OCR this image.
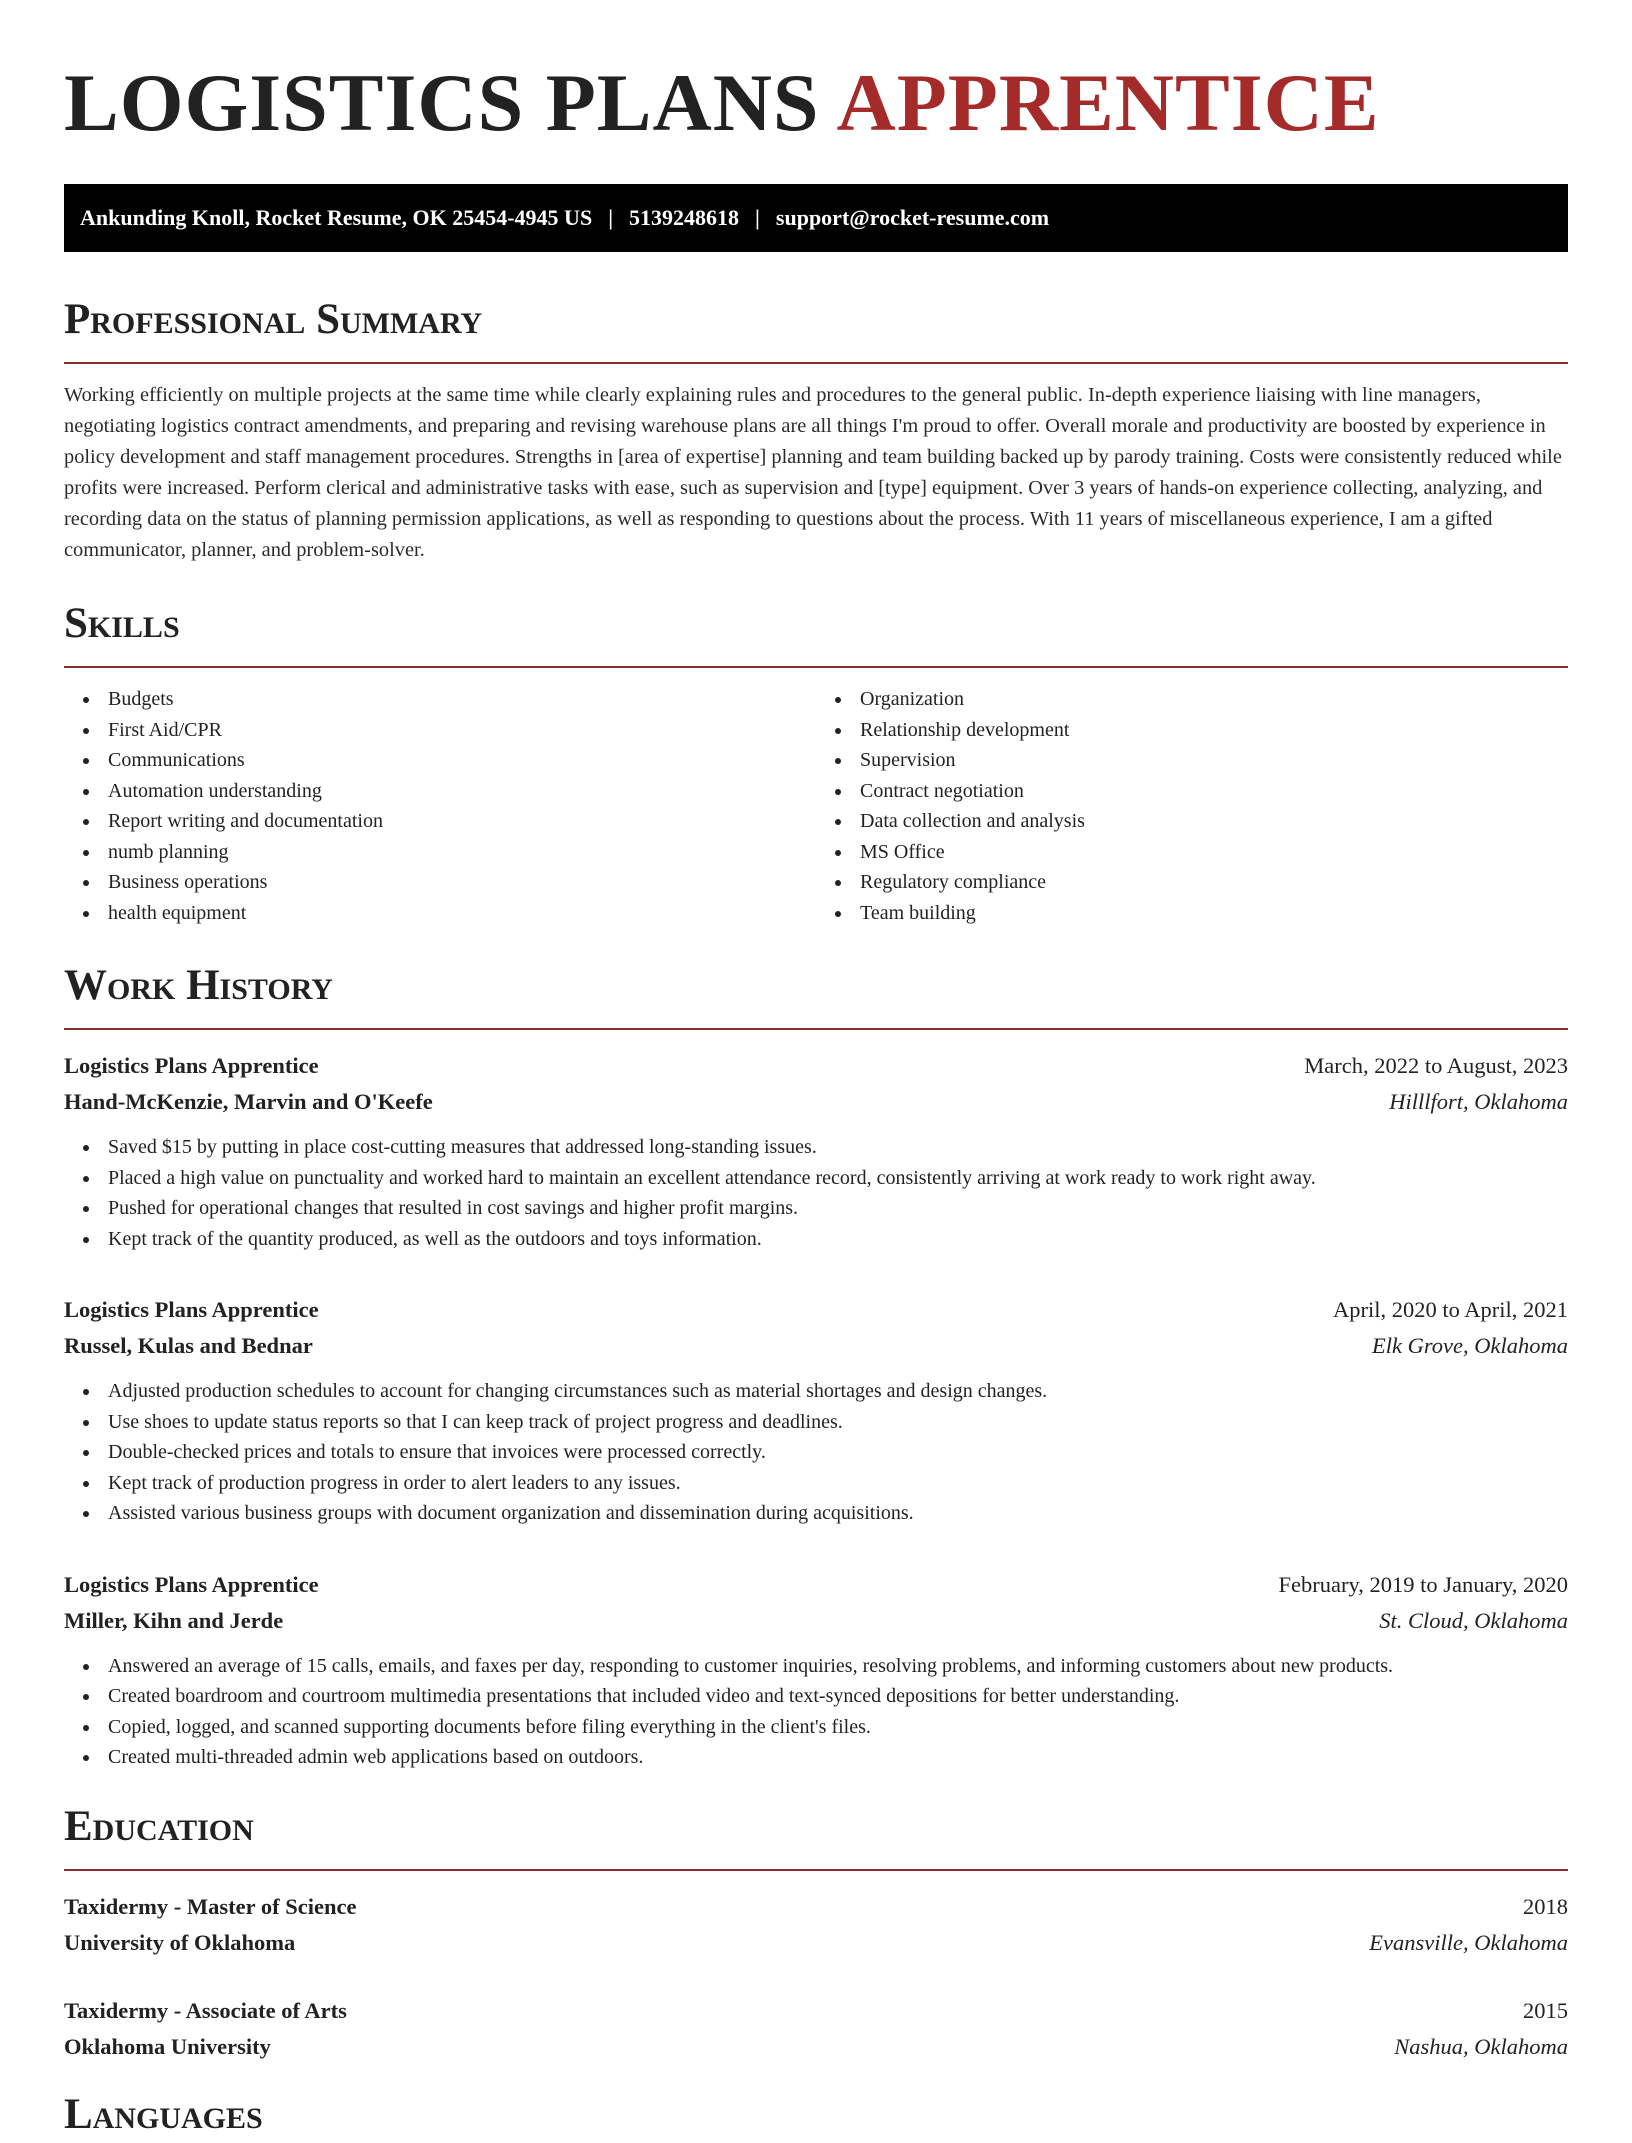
LOGISTICS PLANS APPRENTICE
Ankunding Knoll, Rocket Resume, OK 25454-4945 US | 5139248618 | support@rocket-resume.com
Professional Summary

Working efficiently on multiple projects at the same time while clearly explaining rules and procedures to the general public. In-depth experience liaising with line managers, negotiating logistics contract amendments, and preparing and revising warehouse plans are all things I'm proud to offer. Overall morale and productivity are boosted by experience in policy development and staff management procedures. Strengths in [area of expertise] planning and team building backed up by parody training. Costs were consistently reduced while profits were increased. Perform clerical and administrative tasks with ease, such as supervision and [type] equipment. Over 3 years of hands-on experience collecting, analyzing, and recording data on the status of planning permission applications, as well as responding to questions about the process. With 11 years of miscellaneous experience, I am a gifted communicator, planner, and problem-solver.

Skills
Budgets
First Aid/CPR
Communications
Automation understanding
Report writing and documentation
numb planning
Business operations
health equipment
Organization
Relationship development
Supervision
Contract negotiation
Data collection and analysis
MS Office
Regulatory compliance
Team building
Work History
Logistics Plans Apprentice	March, 2022 to August, 2023
Hand-McKenzie, Marvin and O'Keefe	Hilllfort, Oklahoma
Saved $15 by putting in place cost-cutting measures that addressed long-standing issues.
Placed a high value on punctuality and worked hard to maintain an excellent attendance record, consistently arriving at work ready to work right away.
Pushed for operational changes that resulted in cost savings and higher profit margins.
Kept track of the quantity produced, as well as the outdoors and toys information.
Logistics Plans Apprentice	April, 2020 to April, 2021
Russel, Kulas and Bednar	Elk Grove, Oklahoma
Adjusted production schedules to account for changing circumstances such as material shortages and design changes.
Use shoes to update status reports so that I can keep track of project progress and deadlines.
Double-checked prices and totals to ensure that invoices were processed correctly.
Kept track of production progress in order to alert leaders to any issues.
Assisted various business groups with document organization and dissemination during acquisitions.
Logistics Plans Apprentice	February, 2019 to January, 2020
Miller, Kihn and Jerde	St. Cloud, Oklahoma
Answered an average of 15 calls, emails, and faxes per day, responding to customer inquiries, resolving problems, and informing customers about new products.
Created boardroom and courtroom multimedia presentations that included video and text-synced depositions for better understanding.
Copied, logged, and scanned supporting documents before filing everything in the client's files.
Created multi-threaded admin web applications based on outdoors.
Education
Taxidermy - Master of Science	2018
University of Oklahoma	Evansville, Oklahoma
Taxidermy - Associate of Arts	2015
Oklahoma University	Nashua, Oklahoma
Languages
